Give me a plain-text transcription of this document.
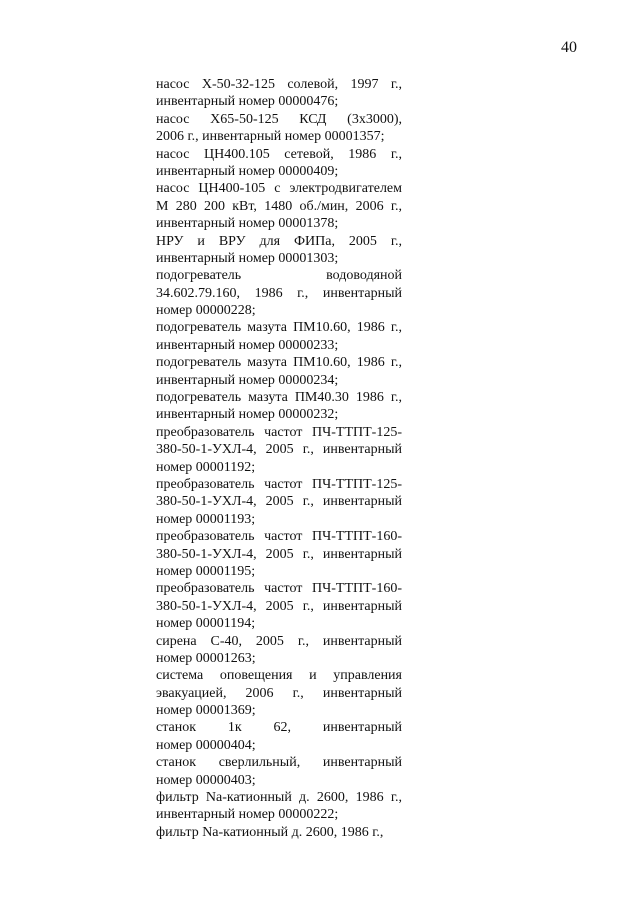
40
насос Х-50-32-125 солевой, 1997 г.,
инвентарный номер 00000476;
насос Х65-50-125 КСД (3х3000),
2006 г., инвентарный номер 00001357;
насос ЦН400.105 сетевой, 1986 г.,
инвентарный номер 00000409;
насос ЦН400-105 с электродвигателем
М 280 200 кВт, 1480 об./мин, 2006 г.,
инвентарный номер 00001378;
НРУ и ВРУ для ФИПа, 2005 г.,
инвентарный номер 00001303;
подогреватель водоводяной
34.602.79.160, 1986 г., инвентарный
номер 00000228;
подогреватель мазута ПМ10.60, 1986 г.,
инвентарный номер 00000233;
подогреватель мазута ПМ10.60, 1986 г.,
инвентарный номер 00000234;
подогреватель мазута ПМ40.30 1986 г.,
инвентарный номер 00000232;
преобразователь частот ПЧ-ТТПТ-125-
380-50-1-УХЛ-4, 2005 г., инвентарный
номер 00001192;
преобразователь частот ПЧ-ТТПТ-125-
380-50-1-УХЛ-4, 2005 г., инвентарный
номер 00001193;
преобразователь частот ПЧ-ТТПТ-160-
380-50-1-УХЛ-4, 2005 г., инвентарный
номер 00001195;
преобразователь частот ПЧ-ТТПТ-160-
380-50-1-УХЛ-4, 2005 г., инвентарный
номер 00001194;
сирена С-40, 2005 г., инвентарный
номер 00001263;
система оповещения и управления
эвакуацией, 2006 г., инвентарный
номер 00001369;
станок 1к 62, инвентарный
номер 00000404;
станок сверлильный, инвентарный
номер 00000403;
фильтр Na-катионный д. 2600, 1986 г.,
инвентарный номер 00000222;
фильтр Na-катионный д. 2600, 1986 г.,
